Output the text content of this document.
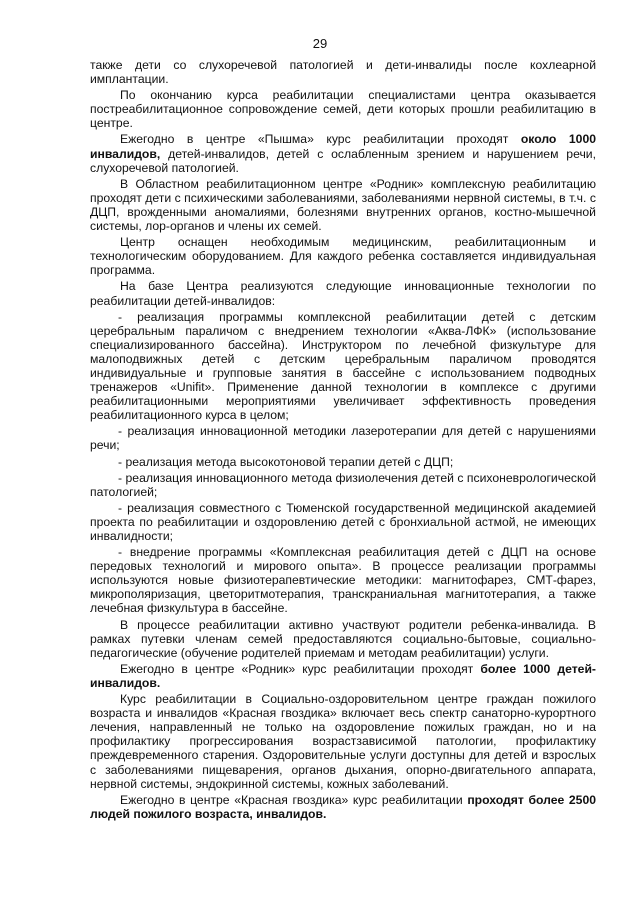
29

также дети со слухоречевой патологией и дети-инвалиды после кохлеарной имплантации.

По окончанию курса реабилитации специалистами центра оказывается постреабилитационное сопровождение семей, дети которых прошли реабилитацию в центре.

Ежегодно в центре «Пышма» курс реабилитации проходят около 1000 инвалидов, детей-инвалидов, детей с ослабленным зрением и нарушением речи, слухоречевой патологией.

В Областном реабилитационном центре «Родник» комплексную реабилитацию проходят дети с психическими заболеваниями, заболеваниями нервной системы, в т.ч. с ДЦП, врожденными аномалиями, болезнями внутренних органов, костно-мышечной системы, лор-органов и члены их семей.

Центр оснащен необходимым медицинским, реабилитационным и технологическим оборудованием. Для каждого ребенка составляется индивидуальная программа.

На базе Центра реализуются следующие инновационные технологии по реабилитации детей-инвалидов:

- реализация программы комплексной реабилитации детей с детским церебральным параличом с внедрением технологии «Аква-ЛФК» (использование специализированного бассейна). Инструктором по лечебной физкультуре для малоподвижных детей с детским церебральным параличом проводятся индивидуальные и групповые занятия в бассейне с использованием подводных тренажеров «Unifit». Применение данной технологии в комплексе с другими реабилитационными мероприятиями увеличивает эффективность проведения реабилитационного курса в целом;

- реализация инновационной методики лазеротерапии для детей с нарушениями речи;

- реализация метода высокотоновой терапии детей с ДЦП;

- реализация инновационного метода физиолечения детей с психоневрологической патологией;

- реализация совместного с Тюменской государственной медицинской академией проекта по реабилитации и оздоровлению детей с бронхиальной астмой, не имеющих инвалидности;

- внедрение программы «Комплексная реабилитация детей с ДЦП на основе передовых технологий и мирового опыта». В процессе реализации программы используются новые физиотерапевтические методики: магнитофарез, СМТ-фарез, микрополяризация, цветоритмотерапия, транскраниальная магнитотерапия, а также лечебная физкультура в бассейне.

В процессе реабилитации активно участвуют родители ребенка-инвалида. В рамках путевки членам семей предоставляются социально-бытовые, социально-педагогические (обучение родителей приемам и методам реабилитации) услуги.

Ежегодно в центре «Родник» курс реабилитации проходят более 1000 детей-инвалидов.

Курс реабилитации в Социально-оздоровительном центре граждан пожилого возраста и инвалидов «Красная гвоздика» включает весь спектр санаторно-курортного лечения, направленный не только на оздоровление пожилых граждан, но и на профилактику прогрессирования возрастзависимой патологии, профилактику преждевременного старения. Оздоровительные услуги доступны для детей и взрослых с заболеваниями пищеварения, органов дыхания, опорно-двигательного аппарата, нервной системы, эндокринной системы, кожных заболеваний.

Ежегодно в центре «Красная гвоздика» курс реабилитации проходят более 2500 людей пожилого возраста, инвалидов.
